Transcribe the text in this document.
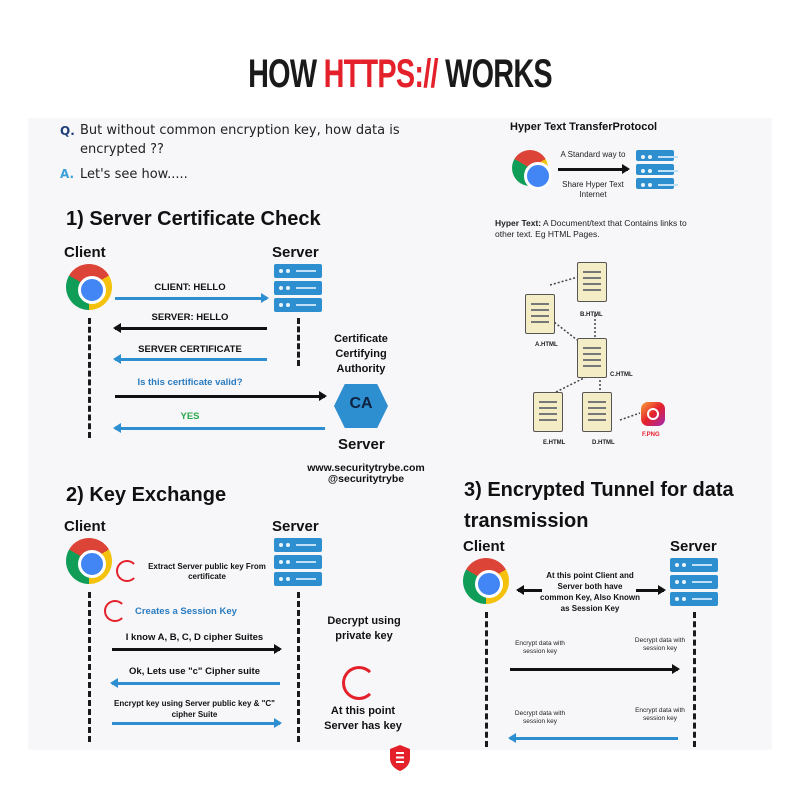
HOW HTTPS:// WORKS
Q. But without common encryption key, how data is encrypted ??
A. Let's see how.....
Hyper Text TransferProtocol
A Standard way to
Share Hyper Text Internet
Hyper Text: A Document/text that Contains links to other text. Eg HTML Pages.
B.HTML
A.HTML
C.HTML
E.HTML	D.HTML
F.PNG
1) Server Certificate Check
Client	Server
CLIENT: HELLO
SERVER: HELLO
SERVER CERTIFICATE
Is this certificate valid?
YES
Certificate Certifying Authority
CA
Server
www.securitytrybe.com
@securitytrybe
2) Key Exchange
Client	Server
Extract Server public key From certificate
Creates a Session Key
I know A, B, C, D cipher Suites
Ok, Lets use "c" Cipher suite
Encrypt key using Server public key & "C" cipher Suite
Decrypt using private key
At this point Server has key
3) Encrypted Tunnel for data transmission
Client	Server
At this point Client and Server both have common Key, Also Known as Session Key
Encrypt data with session key
Decrypt data with session key
Decrypt data with session key
Encrypt data with session key
